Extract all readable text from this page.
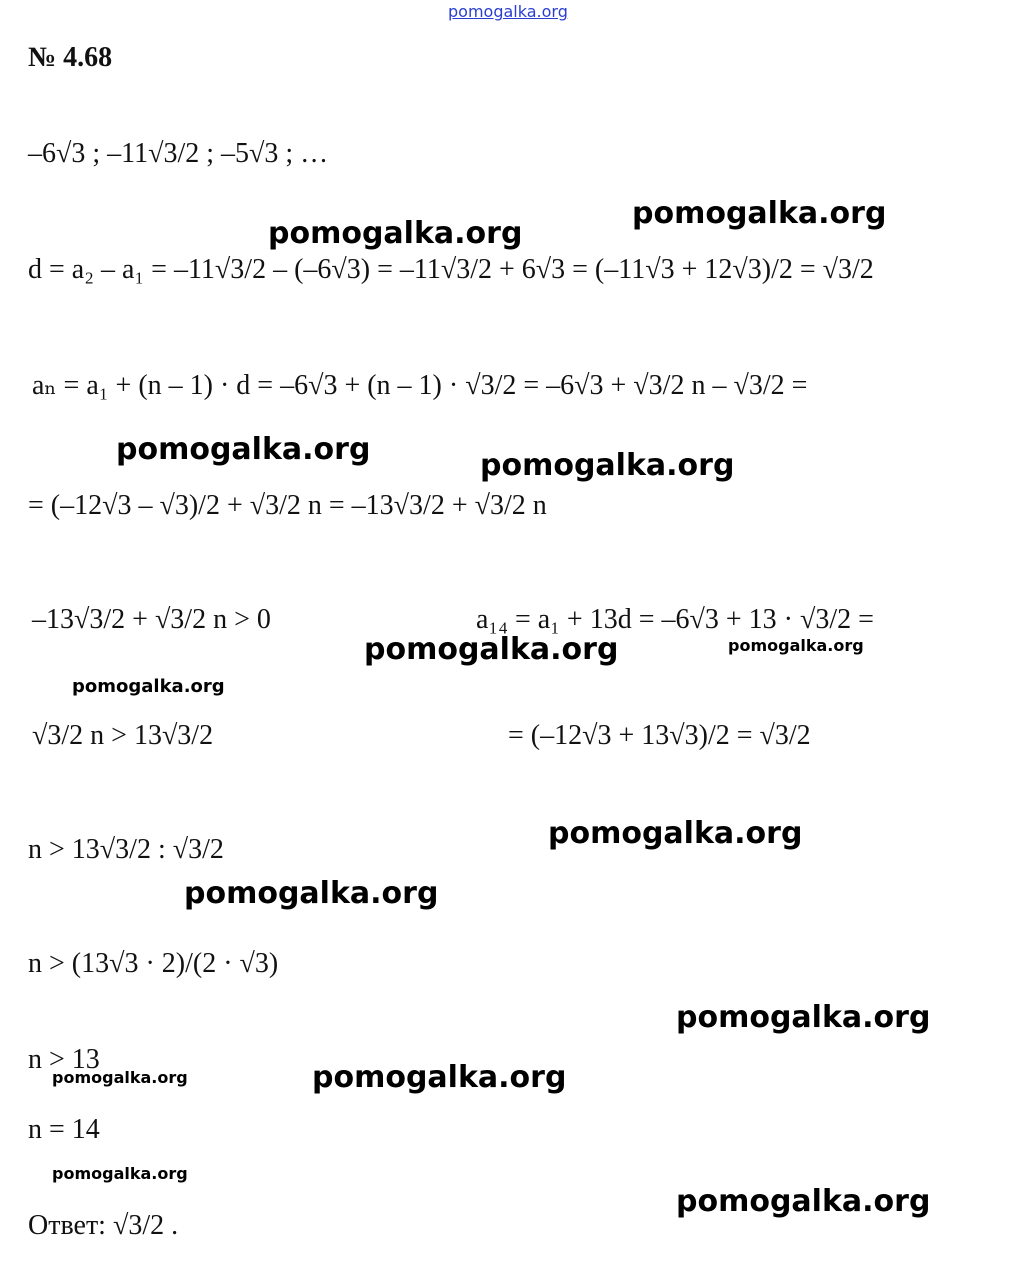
pomogalka.org
№ 4.68
–6√3 ; –11√3/2 ; –5√3 ; …
d = a₂ – a₁ = –11√3/2 – (–6√3) = –11√3/2 + 6√3 = (–11√3 + 12√3)/2 = √3/2
aₙ = a₁ + (n – 1) · d = –6√3 + (n – 1) · √3/2 = –6√3 + √3/2 n – √3/2 =
= (–12√3 – √3)/2 + √3/2 n = –13√3/2 + √3/2 n
–13√3/2 + √3/2 n > 0	a₁₄ = a₁ + 13d = –6√3 + 13 · √3/2 =
= (–12√3 + 13√3)/2 = √3/2
√3/2 n > 13√3/2
n > 13√3/2 : √3/2
n > (13√3 · 2)/(2 · √3)
n > 13
n = 14
Ответ: √3/2 .
pomogalka.org
pomogalka.org
pomogalka.org	pomogalka.org
pomogalka.org
pomogalka.org
pomogalka.org
pomogalka.org
pomogalka.org
pomogalka.org
pomogalka.org	pomogalka.org
pomogalka.org
pomogalka.org
